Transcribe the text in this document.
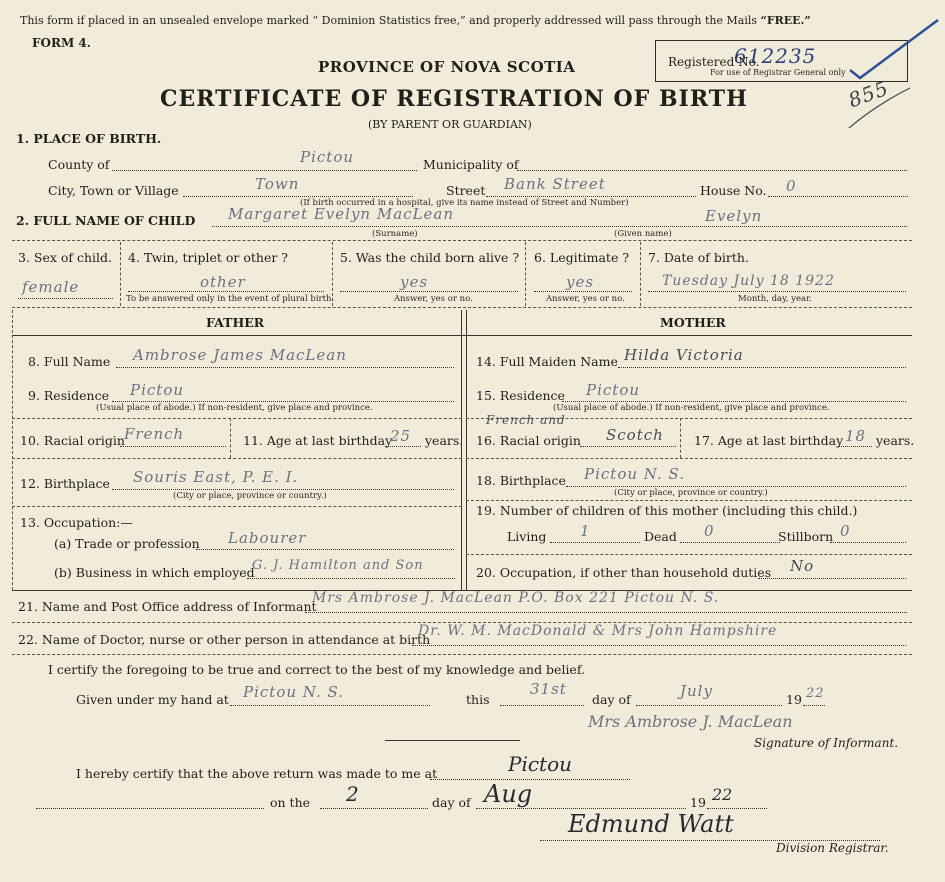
This form if placed in an unsealed envelope marked “ Dominion Statistics free,” and properly addressed will pass through the Mails “FREE.”
FORM 4.
Registered No.
612235
For use of Registrar General only
855
PROVINCE OF NOVA SCOTIA
CERTIFICATE OF REGISTRATION OF BIRTH
(BY PARENT OR GUARDIAN)
1. PLACE OF BIRTH.
County of	Pictou	Municipality of
City, Town or Village	Town	Street Bank Street	House No. 0
(If birth occurred in a hospital, give its name instead of Street and Number)
2. FULL NAME OF CHILD Margaret Evelyn MacLean	Evelyn
(Surname)	(Given name)
3. Sex of child.
female
4. Twin, triplet or other ?
other
To be answered only in the event of plural birth.
5. Was the child born alive ?
yes
Answer, yes or no.
6. Legitimate ?
yes
Answer, yes or no.
7. Date of birth.
Tuesday July 18 1922
Month, day, year.
FATHER	MOTHER
8. Full Name Ambrose James MacLean
9. Residence Pictou
(Usual place of abode.) If non-resident, give place and province.
10. Racial origin French	11. Age at last birthday
25 years.
12. Birthplace Souris East, P. E. I.
(City or place, province or country.)
13. Occupation:—
(a) Trade or profession Labourer
(b) Business in which employed
G. J. Hamilton and Son
14. Full Maiden Name Hilda Victoria
15. Residence Pictou
(Usual place of abode.) If non-resident, give place and province.
French and
16. Racial origin Scotch 17. Age at last birthday 18 years.
18. Birthplace Pictou N. S.
(City or place, province or country.)
19. Number of children of this mother (including this child.)
Living 1	Dead 0	Stillborn 0
20. Occupation, if other than household duties No
21. Name and Post Office address of Informant
Mrs Ambrose J. MacLean P.O. Box 221 Pictou N. S.
22. Name of Doctor, nurse or other person in attendance at birth
Dr. W. M. MacDonald & Mrs John Hampshire
I certify the foregoing to be true and correct to the best of my knowledge and belief.
Given under my hand at Pictou N. S.	this
31st
day of	July	19 22
Mrs Ambrose J. MacLean
Signature of Informant.
I hereby certify that the above return was made to me at	Pictou
on the 2	day of Aug	19 22
Edmund Watt
Division Registrar.
